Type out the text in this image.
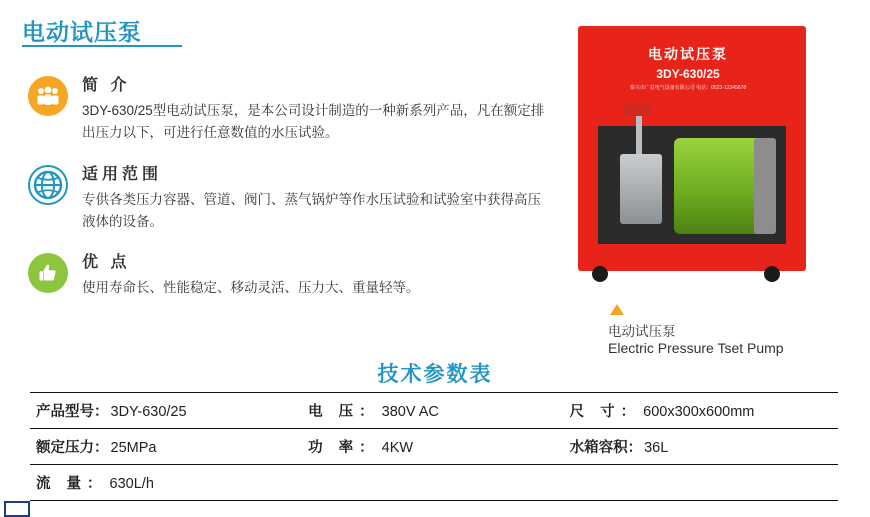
电动试压泵
简 介
3DY-630/25型电动试压泵，是本公司设计制造的一种新系列产品，凡在额定排出压力以下，可进行任意数值的水压试验。
适用范围
专供各类压力容器、管道、阀门、蒸气锅炉等作水压试验和试验室中获得高压液体的设备。
优 点
使用寿命长、性能稳定、移动灵活、压力大、重量轻等。
电动试压泵
3DY-630/25
泰兴市广益电气设备有限公司 电话：0523-12345678
电动试压泵
Electric Pressure Tset Pump
技术参数表
产品型号： 3DY-630/25	电 压： 380V AC	尺 寸： 600x300x600mm
额定压力： 25MPa	功 率： 4KW	水箱容积： 36L
流 量： 630L/h		
